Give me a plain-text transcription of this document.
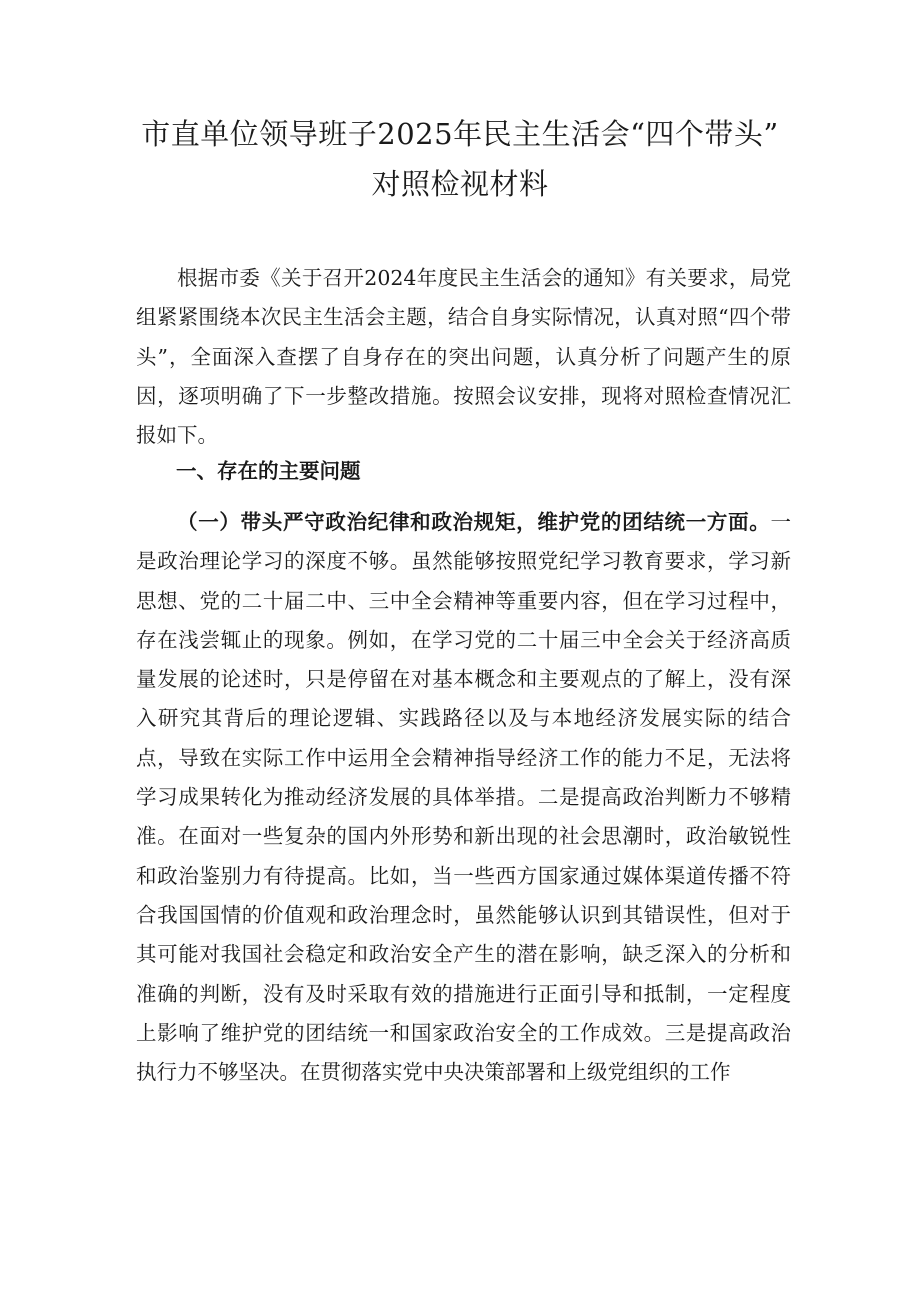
市直单位领导班子2025年民主生活会“四个带头”
对照检视材料

根据市委《关于召开2024年度民主生活会的通知》有关要求，局党组紧紧围绕本次民主生活会主题，结合自身实际情况，认真对照“四个带头”，全面深入查摆了自身存在的突出问题，认真分析了问题产生的原因，逐项明确了下一步整改措施。按照会议安排，现将对照检查情况汇报如下。

一、存在的主要问题

（一）带头严守政治纪律和政治规矩，维护党的团结统一方面。一是政治理论学习的深度不够。虽然能够按照党纪学习教育要求，学习新思想、党的二十届二中、三中全会精神等重要内容，但在学习过程中，存在浅尝辄止的现象。例如，在学习党的二十届三中全会关于经济高质量发展的论述时，只是停留在对基本概念和主要观点的了解上，没有深入研究其背后的理论逻辑、实践路径以及与本地经济发展实际的结合点，导致在实际工作中运用全会精神指导经济工作的能力不足，无法将学习成果转化为推动经济发展的具体举措。二是提高政治判断力不够精准。在面对一些复杂的国内外形势和新出现的社会思潮时，政治敏锐性和政治鉴别力有待提高。比如，当一些西方国家通过媒体渠道传播不符合我国国情的价值观和政治理念时，虽然能够认识到其错误性，但对于其可能对我国社会稳定和政治安全产生的潜在影响，缺乏深入的分析和准确的判断，没有及时采取有效的措施进行正面引导和抵制，一定程度上影响了维护党的团结统一和国家政治安全的工作成效。三是提高政治执行力不够坚决。在贯彻落实党中央决策部署和上级党组织的工作
